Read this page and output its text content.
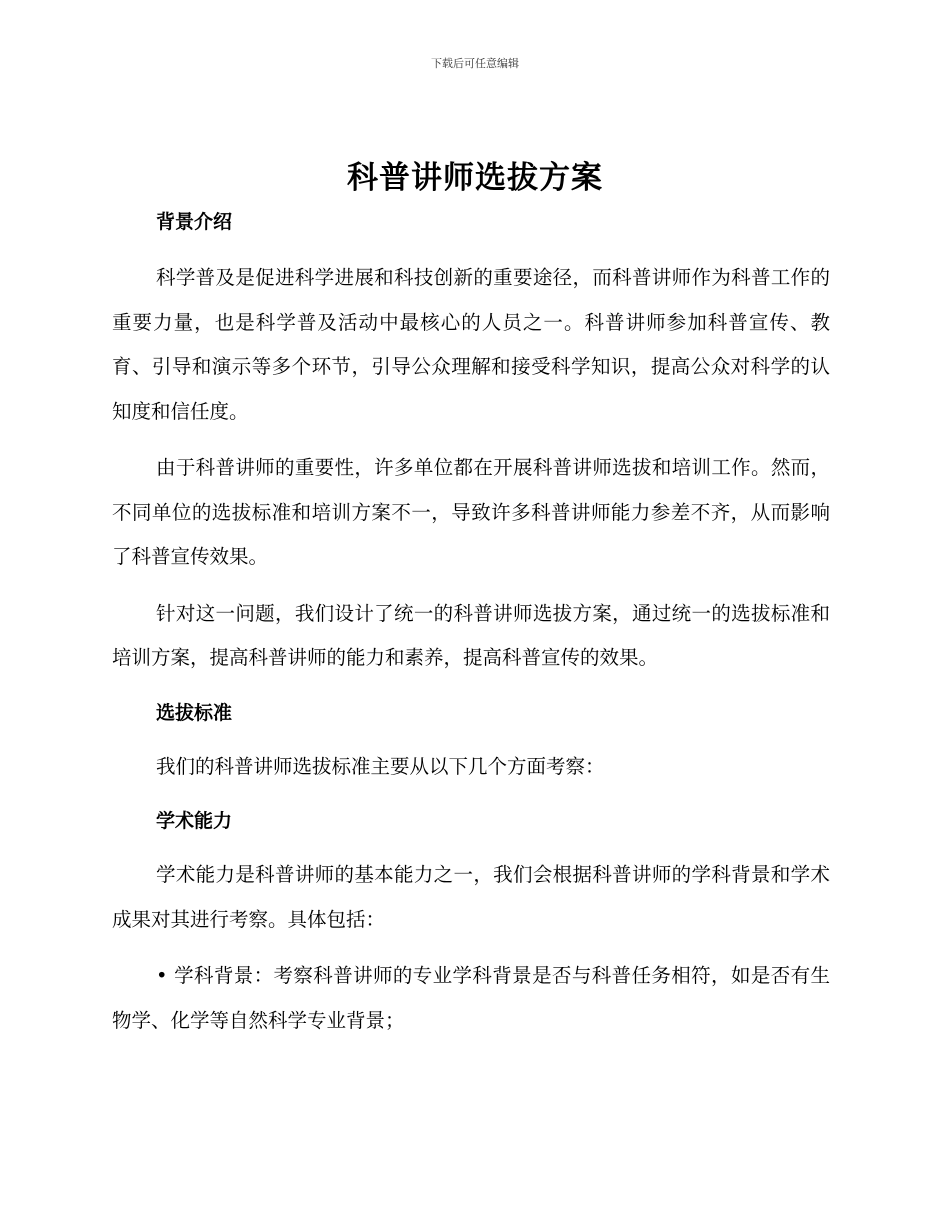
下载后可任意编辑
科普讲师选拔方案

背景介绍

科学普及是促进科学进展和科技创新的重要途径，而科普讲师作为科普工作的重要力量，也是科学普及活动中最核心的人员之一。科普讲师参加科普宣传、教育、引导和演示等多个环节，引导公众理解和接受科学知识，提高公众对科学的认知度和信任度。

由于科普讲师的重要性，许多单位都在开展科普讲师选拔和培训工作。然而，不同单位的选拔标准和培训方案不一，导致许多科普讲师能力参差不齐，从而影响了科普宣传效果。

针对这一问题，我们设计了统一的科普讲师选拔方案，通过统一的选拔标准和培训方案，提高科普讲师的能力和素养，提高科普宣传的效果。

选拔标准

我们的科普讲师选拔标准主要从以下几个方面考察：

学术能力

学术能力是科普讲师的基本能力之一，我们会根据科普讲师的学科背景和学术成果对其进行考察。具体包括：

• 学科背景：考察科普讲师的专业学科背景是否与科普任务相符，如是否有生物学、化学等自然科学专业背景；
